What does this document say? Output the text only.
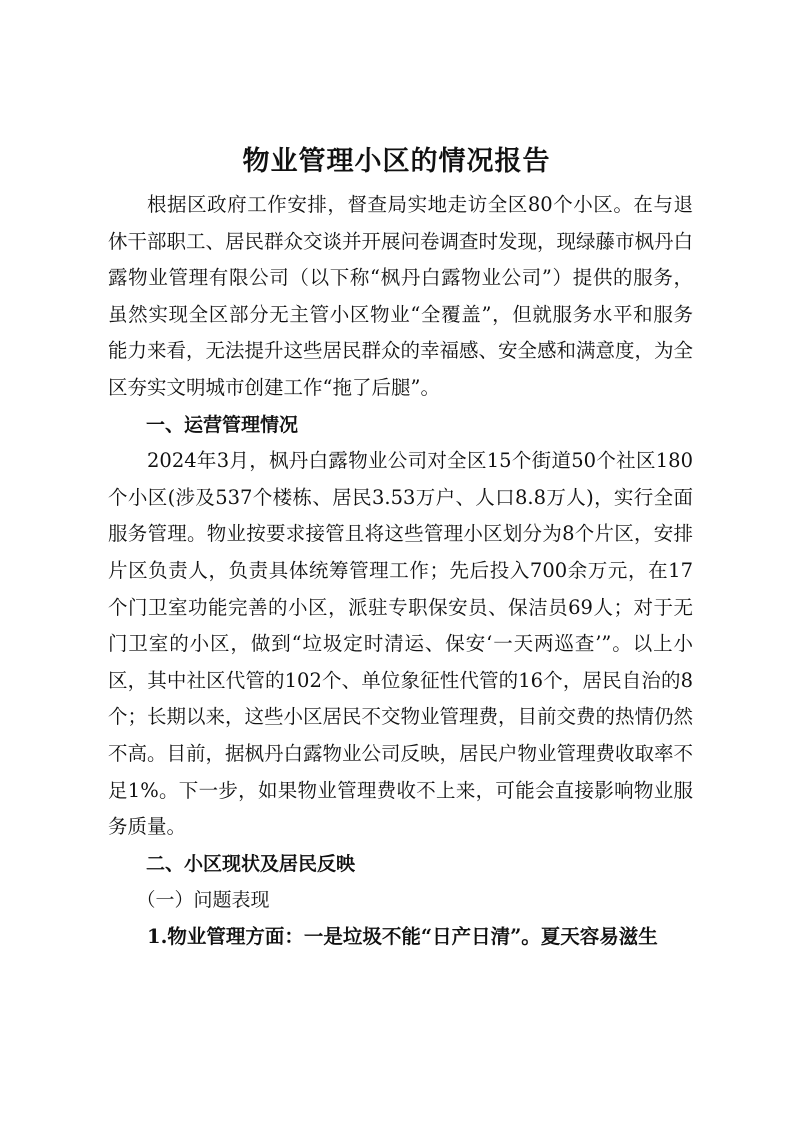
物业管理小区的情况报告

根据区政府工作安排，督查局实地走访全区80个小区。在与退休干部职工、居民群众交谈并开展问卷调查时发现，现绿藤市枫丹白露物业管理有限公司（以下称“枫丹白露物业公司”）提供的服务，虽然实现全区部分无主管小区物业“全覆盖”，但就服务水平和服务能力来看，无法提升这些居民群众的幸福感、安全感和满意度，为全区夯实文明城市创建工作“拖了后腿”。

一、运营管理情况

2024年3月，枫丹白露物业公司对全区15个街道50个社区180个小区(涉及537个楼栋、居民3.53万户、人口8.8万人)，实行全面服务管理。物业按要求接管且将这些管理小区划分为8个片区，安排片区负责人，负责具体统筹管理工作；先后投入700余万元，在17个门卫室功能完善的小区，派驻专职保安员、保洁员69人；对于无门卫室的小区，做到“垃圾定时清运、保安‘一天两巡查’”。以上小区，其中社区代管的102个、单位象征性代管的16个，居民自治的8个；长期以来，这些小区居民不交物业管理费，目前交费的热情仍然不高。目前，据枫丹白露物业公司反映，居民户物业管理费收取率不足1%。下一步，如果物业管理费收不上来，可能会直接影响物业服务质量。

二、小区现状及居民反映

（一）问题表现

1.物业管理方面：一是垃圾不能“日产日清”。夏天容易滋生
